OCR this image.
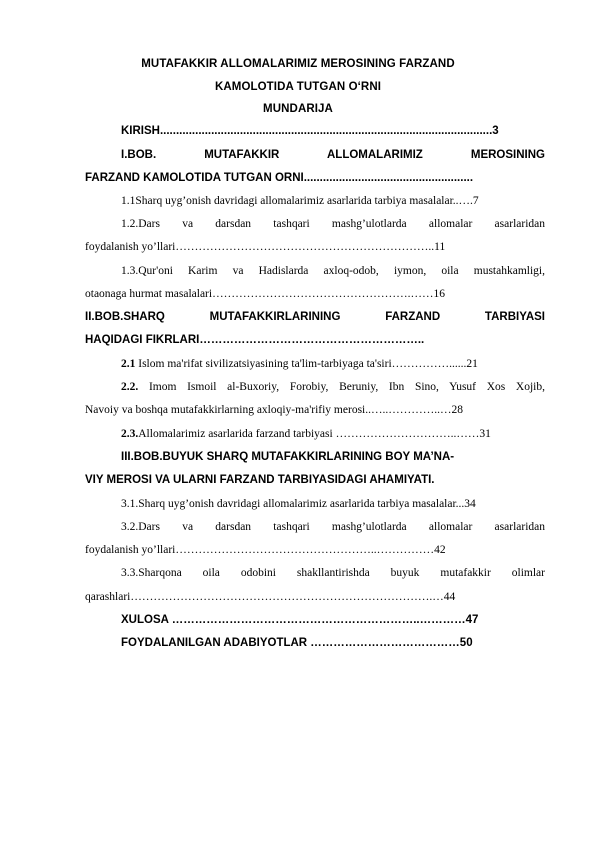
MUTAFAKKIR ALLOMALARIMIZ MEROSINING FARZAND
KAMOLOTIDA TUTGAN O‘RNI
MUNDARIJA
KIRISH........................................................................................................3
I.BOB. MUTAFAKKIR ALLOMALARIMIZ MEROSINING
FARZAND KAMOLOTIDA TUTGAN ORNI.....................................................
1.1Sharq uyg’onish davridagi allomalarimiz asarlarida tarbiya masalalar..….7
1.2.Dars va darsdan tashqari mashg’ulotlarda allomalar asarlaridan
foydalanish yo’llari…………………………………………………………..11
1.3.Qur'oni Karim va Hadislarda axloq-odob, iymon, oila mustahkamligi,
otaonaga hurmat masalalari…………………………………………….……16
II.BOB.SHARQ MUTAFAKKIRLARINING FARZAND TARBIYASI
HAQIDAGI FIKRLARI…………………………………………………..
2.1 Islom ma'rifat sivilizatsiyasining ta'lim-tarbiyaga ta'siri……………......21
2.2. Imom Ismoil al-Buxoriy, Forobiy, Beruniy, Ibn Sino, Yusuf Xos Xojib,
Navoiy va boshqa mutafakkirlarning axloqiy-ma'rifiy merosi..…..…………..…28
2.3.Allomalarimiz asarlarida farzand tarbiyasi …………………………..……31
III.BOB.BUYUK SHARQ MUTAFAKKIRLARINING BOY MA’NA-
VIY MEROSI VA ULARNI FARZAND TARBIYASIDAGI AHAMIYATI.
3.1.Sharq uyg’onish davridagi allomalarimiz asarlarida tarbiya masalalar...34
3.2.Dars va darsdan tashqari mashg’ulotlarda allomalar asarlaridan
foydalanish yo’llari……………………………………………..……………42
3.3.Sharqona oila odobini shakllantirishda buyuk mutafakkir olimlar
qarashlari…………………………………………………………………….…44
XULOSA ………………………………………………………..…………47
FOYDALANILGAN ADABIYOTLAR …………………………………50
